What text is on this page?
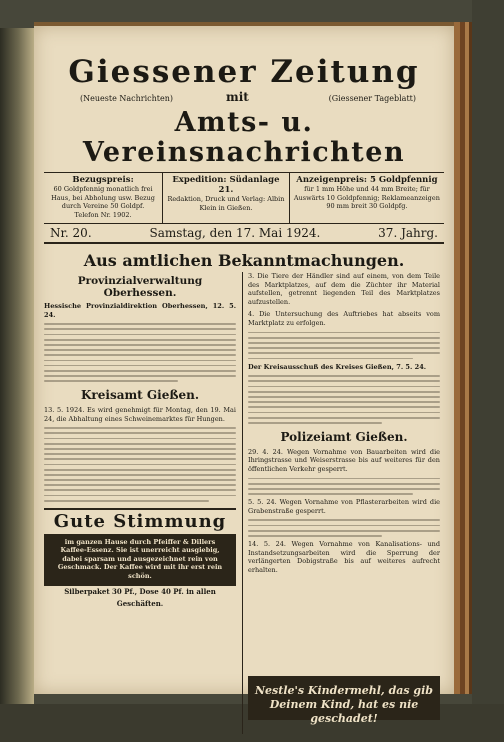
Giessener Zeitung
(Neueste Nachrichten)	mit	(Giessener Tageblatt)
Amts- u. Vereinsnachrichten
Bezugspreis:
60 Goldpfennig monatlich frei Haus, bei Abholung usw. Bezug durch Vereine 50 Goldpf.
Telefon Nr. 1902.
Expedition: Südanlage 21.
Redaktion, Druck und Verlag: Albin Klein in Gießen.
Anzeigenpreis: 5 Goldpfennig
für 1 mm Höhe und 44 mm Breite; für Auswärts 10 Goldpfennig; Reklameanzeigen 90 mm breit 30 Goldpfg.
Nr. 20.	Samstag, den 17. Mai 1924.	37. Jahrg.
Aus amtlichen Bekanntmachungen.
Provinzialverwaltung Oberhessen.
Hessische Provinzialdirektion Oberhessen, 12. 5. 24.
Kreisamt Gießen.
13. 5. 1924. Es wird genehmigt für Montag, den 19. Mai 24, die Abhaltung eines Schweinemarktes für Hungen.
Gute Stimmung
im ganzen Hause durch Pfeiffer & Dillers Kaffee-Essenz. Sie ist unerreicht ausgiebig, dabei sparsam und ausgezeichnet rein von Geschmack. Der Kaffee wird mit ihr erst rein schön.
Silberpaket 30 Pf., Dose 40 Pf. in allen Geschäften.
3. Die Tiere der Händler sind auf einem, von dem Teile des Marktplatzes, auf dem die Züchter ihr Material aufstellen, getrennt liegenden Teil des Marktplatzes aufzustellen.
4. Die Untersuchung des Auftriebes hat abseits vom Marktplatz zu erfolgen.
Der Kreisausschuß des Kreises Gießen, 7. 5. 24.
Polizeiamt Gießen.
29. 4. 24. Wegen Vornahme von Bauarbeiten wird die Ihringstrasse und Weiserstrasse bis auf weiteres für den öffentlichen Verkehr gesperrt.
5. 5. 24. Wegen Vornahme von Pflasterarbeiten wird die Grabenstraße gesperrt.
14. 5. 24. Wegen Vornahme von Kanalisations- und Instandsetzungsarbeiten wird die Sperrung der verlängerten Dobigstraße bis auf weiteres aufrecht erhalten.
Nestle's Kindermehl, das gib Deinem Kind, hat es nie geschadet!
